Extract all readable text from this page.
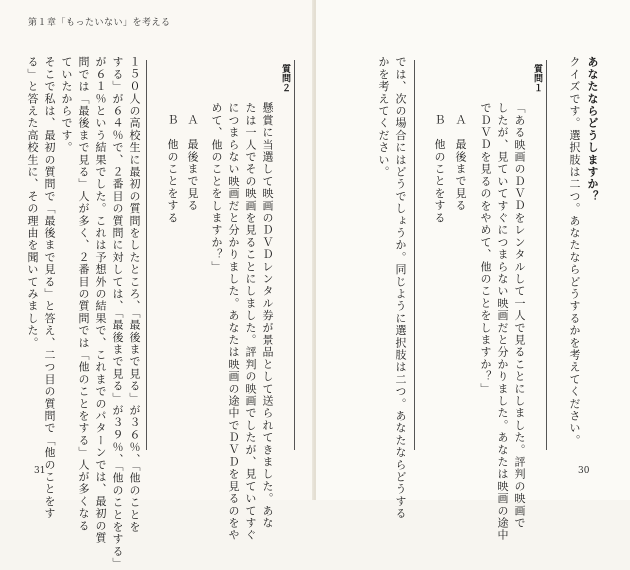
第１章「もったいない」を考える
あなたならどうしますか？
クイズです。選択肢は二つ。あなたならどうするかを考えてください。
質問１
「ある映画のＤＶＤをレンタルして一人で見ることにしました。評判の映画で
したが、見ていてすぐにつまらない映画だと分かりました。あなたは映画の途中
でＤＶＤを見るのをやめて、他のことをしますか？」
Ａ　最後まで見る
Ｂ　他のことをする
では、次の場合にはどうでしょうか。同じように選択肢は二つ。あなたならどうする
かを考えてください。
30
質問２
懸賞に当選して映画のＤＶＤレンタル券が景品として送られてきました。あな
たは一人でその映画を見ることにしました。評判の映画でしたが、見ていてすぐ
につまらない映画だと分かりました。あなたは映画の途中でＤＶＤを見るのをや
めて、他のことをしますか？」
Ａ　最後まで見る
Ｂ　他のことをする
１５０人の高校生に最初の質問をしたところ、「最後まで見る」が３６％、「他のことを
する」が６４％で、２番目の質問に対しては、「最後まで見る」が３９％、「他のことをする」
が６１％という結果でした。これは予想外の結果で、これまでのパターンでは、最初の質
問では「最後まで見る」人が多く、２番目の質問では「他のことをする」人が多くなる
ていたからです。
そこで私は、最初の質問で「最後まで見る」と答え、二つ目の質問で「他のことをす
る」と答えた高校生に、その理由を聞いてみました。
31
